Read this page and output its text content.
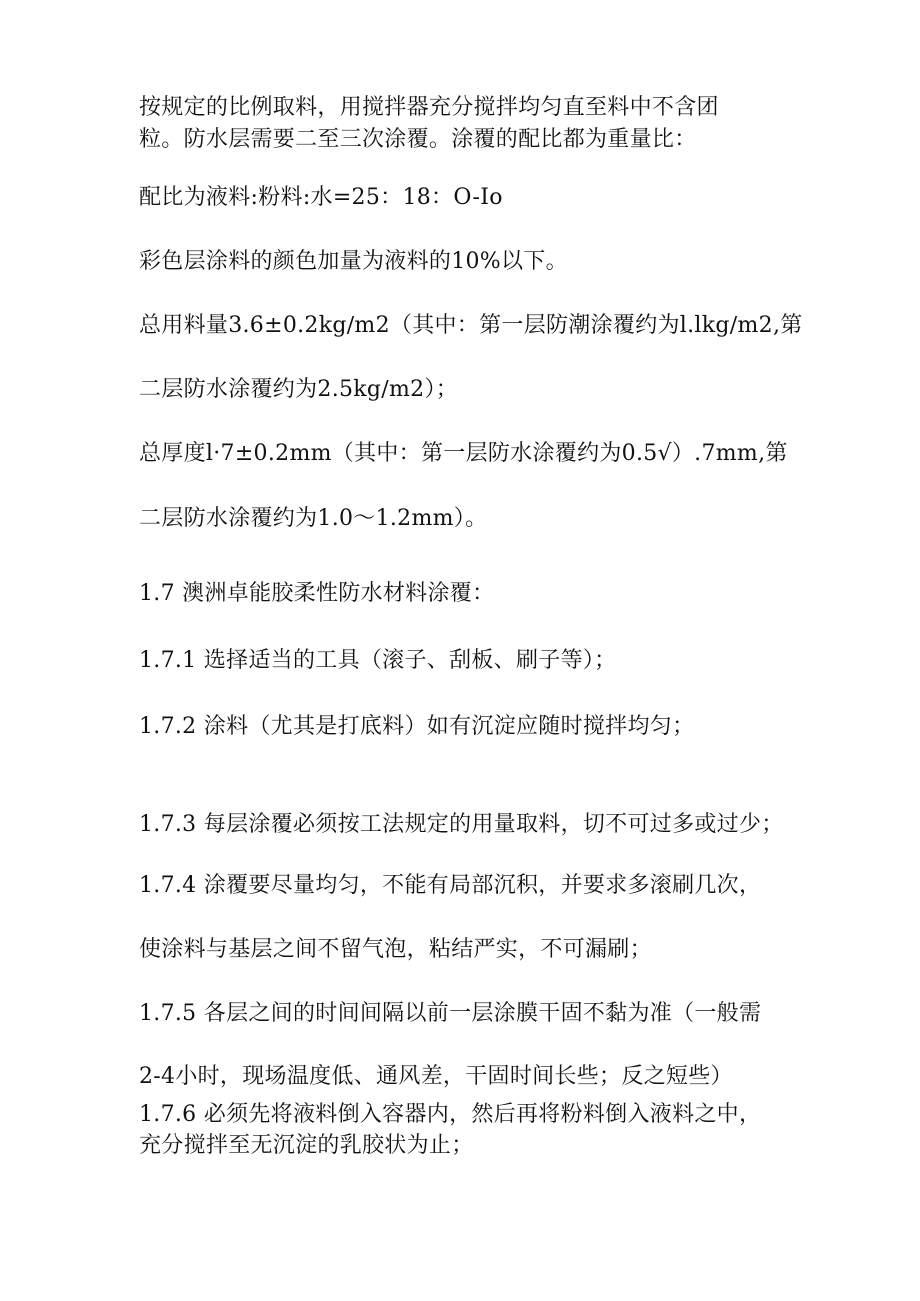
按规定的比例取料，用搅拌器充分搅拌均匀直至料中不含团
粒。防水层需要二至三次涂覆。涂覆的配比都为重量比：
配比为液料:粉料:水=25：18：O-Io
彩色层涂料的颜色加量为液料的10%以下。
总用料量3.6±0.2kg∕m2（其中：第一层防潮涂覆约为l.lkg∕m2,第
二层防水涂覆约为2.5kg∕m2）；
总厚度l·7±0.2mm（其中：第一层防水涂覆约为0.5√）.7mm,第
二层防水涂覆约为1.0～1.2mm）。
1.7 澳洲卓能胶柔性防水材料涂覆：
1.7.1 选择适当的工具（滚子、刮板、刷子等）；
1.7.2 涂料（尤其是打底料）如有沉淀应随时搅拌均匀；
1.7.3 每层涂覆必须按工法规定的用量取料，切不可过多或过少；
1.7.4 涂覆要尽量均匀，不能有局部沉积，并要求多滚刷几次，
使涂料与基层之间不留气泡，粘结严实，不可漏刷；
1.7.5 各层之间的时间间隔以前一层涂膜干固不黏为准（一般需
2-4小时，现场温度低、通风差，干固时间长些；反之短些）
1.7.6 必须先将液料倒入容器内，然后再将粉料倒入液料之中，
充分搅拌至无沉淀的乳胶状为止；
